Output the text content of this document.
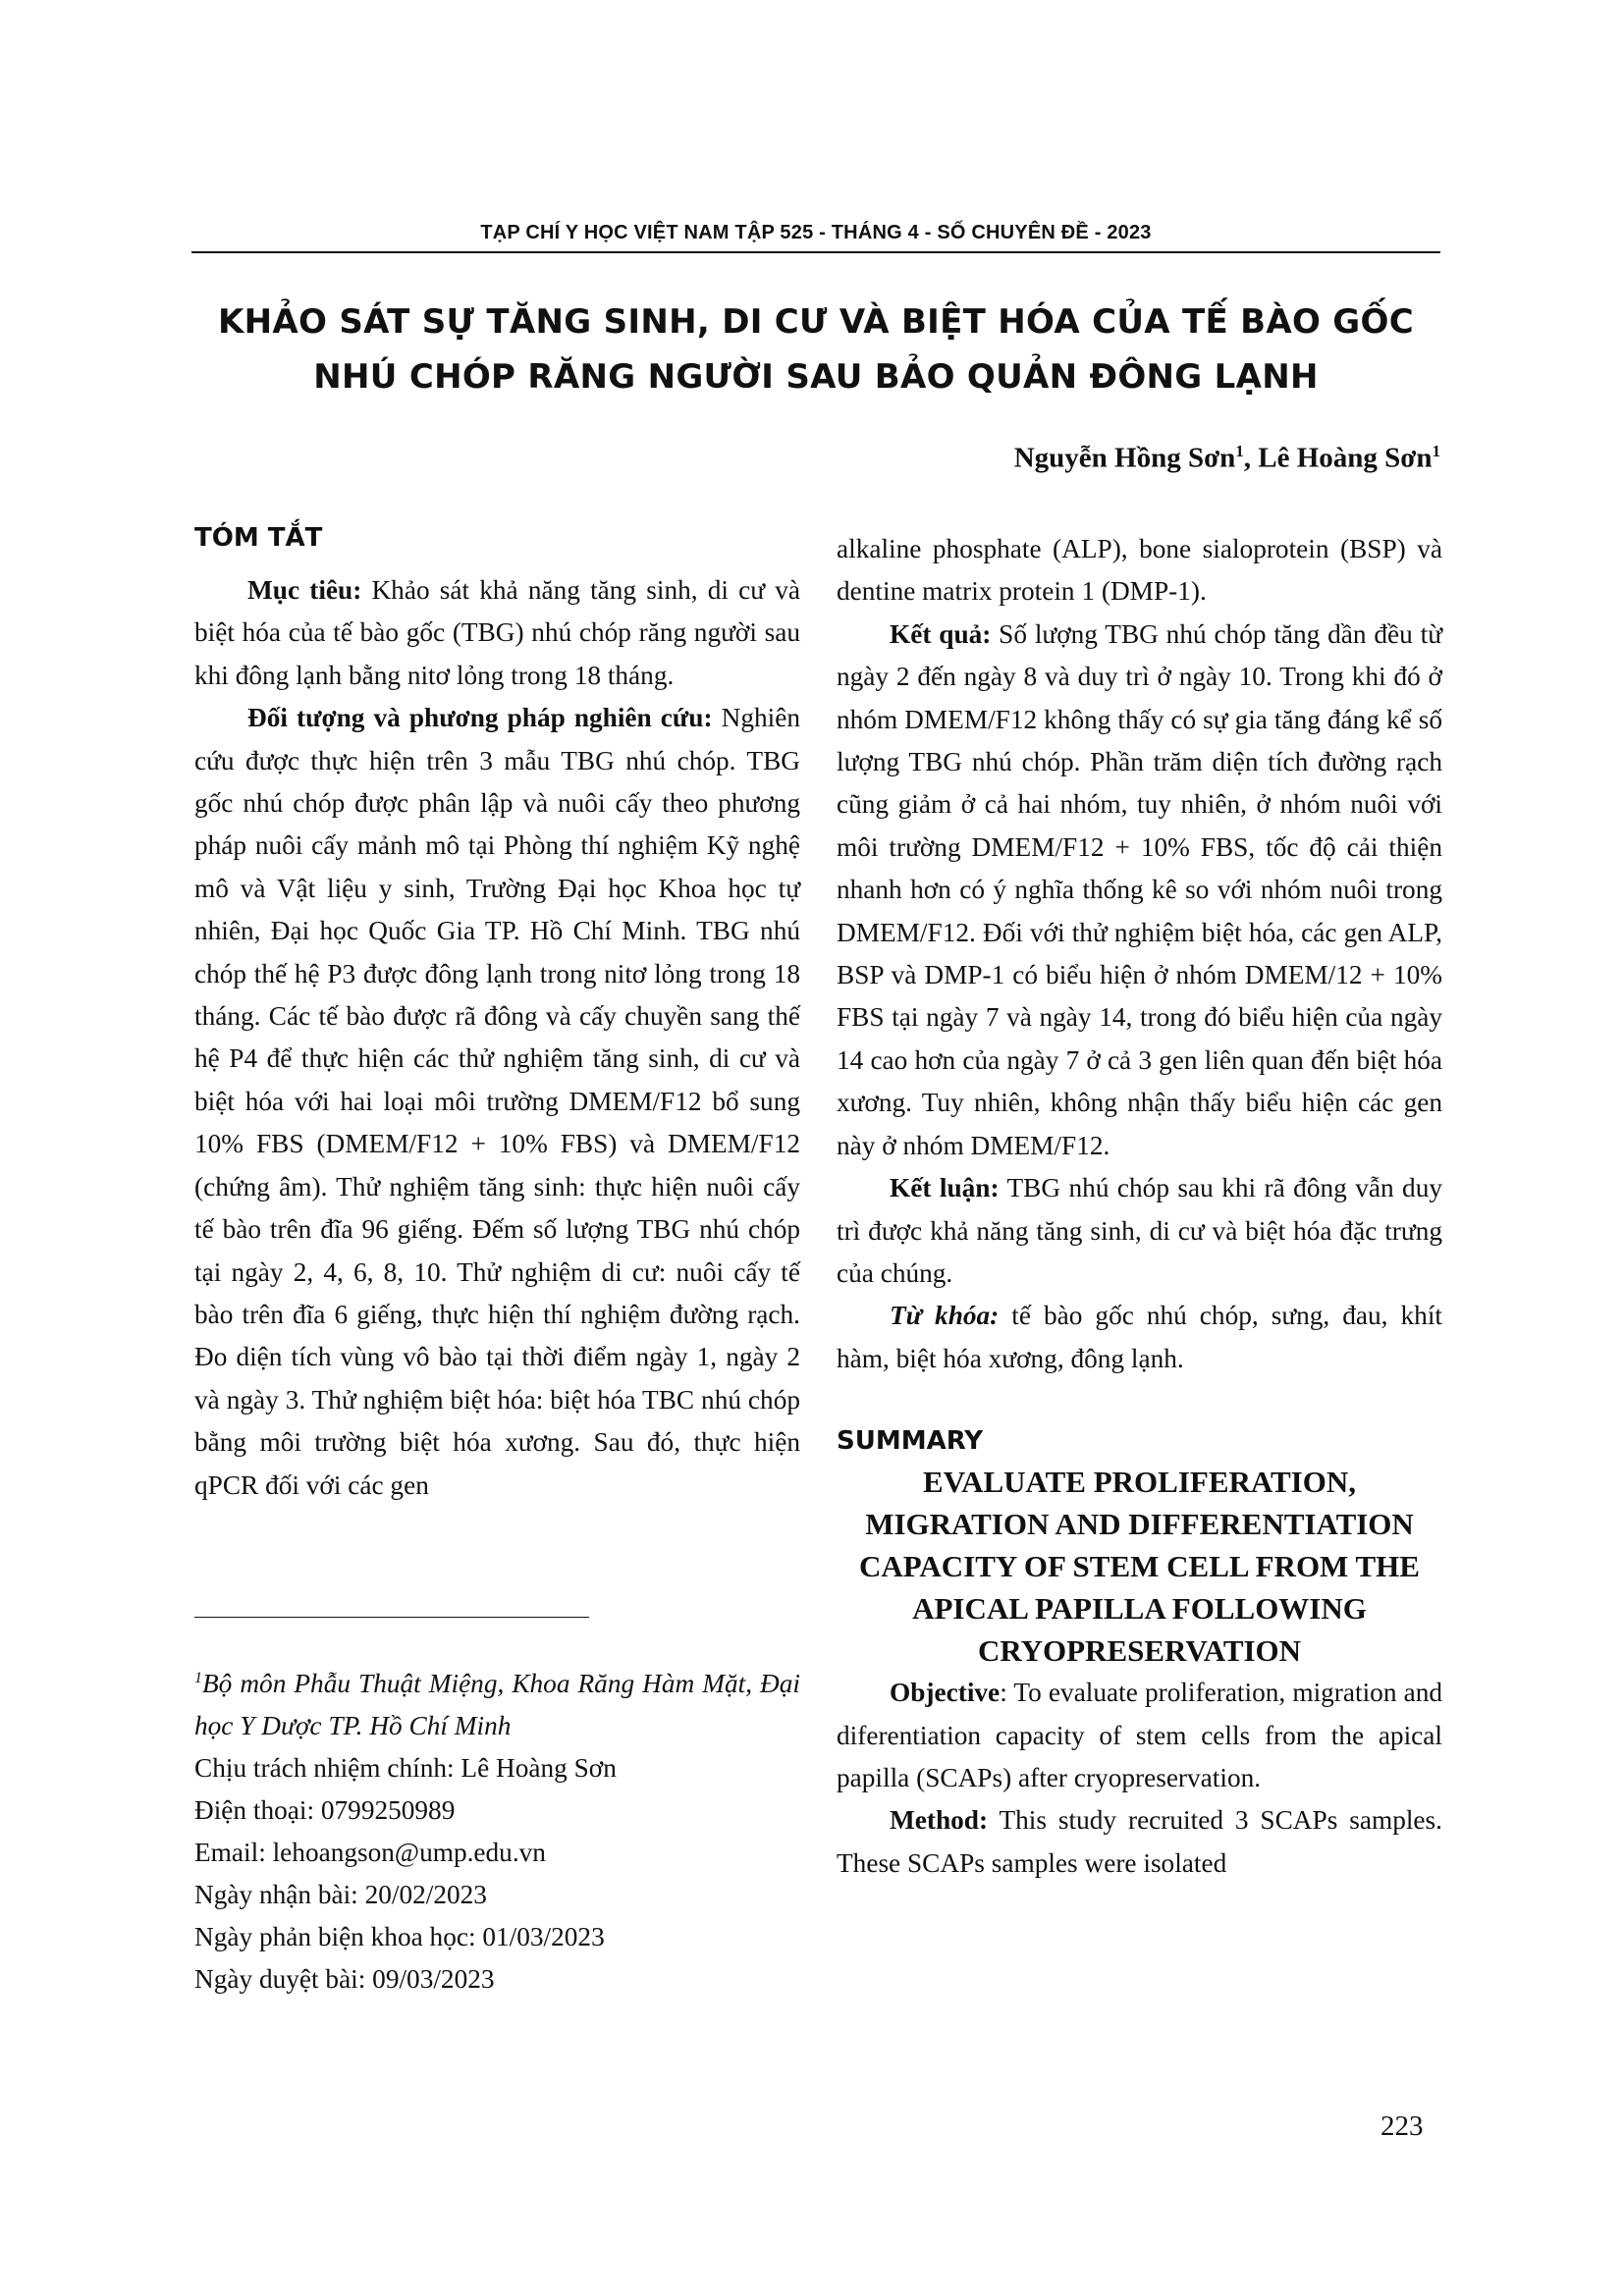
TẠP CHÍ Y HỌC VIỆT NAM TẬP 525 - THÁNG 4 - SỐ CHUYÊN ĐỀ - 2023
KHẢO SÁT SỰ TĂNG SINH, DI CƯ VÀ BIỆT HÓA CỦA TẾ BÀO GỐC
NHÚ CHÓP RĂNG NGƯỜI SAU BẢO QUẢN ĐÔNG LẠNH
Nguyễn Hồng Sơn$^1$, Lê Hoàng Sơn$^1$
TÓM TẮT

Mục tiêu: Khảo sát khả năng tăng sinh, di cư và biệt hóa của tế bào gốc (TBG) nhú chóp răng người sau khi đông lạnh bằng nitơ lỏng trong 18 tháng.

Đối tượng và phương pháp nghiên cứu: Nghiên cứu được thực hiện trên 3 mẫu TBG nhú chóp. TBG gốc nhú chóp được phân lập và nuôi cấy theo phương pháp nuôi cấy mảnh mô tại Phòng thí nghiệm Kỹ nghệ mô và Vật liệu y sinh, Trường Đại học Khoa học tự nhiên, Đại học Quốc Gia TP. Hồ Chí Minh. TBG nhú chóp thế hệ P3 được đông lạnh trong nitơ lỏng trong 18 tháng. Các tế bào được rã đông và cấy chuyền sang thế hệ P4 để thực hiện các thử nghiệm tăng sinh, di cư và biệt hóa với hai loại môi trường DMEM/F12 bổ sung 10% FBS (DMEM/F12 + 10% FBS) và DMEM/F12 (chứng âm). Thử nghiệm tăng sinh: thực hiện nuôi cấy tế bào trên đĩa 96 giếng. Đếm số lượng TBG nhú chóp tại ngày 2, 4, 6, 8, 10. Thử nghiệm di cư: nuôi cấy tế bào trên đĩa 6 giếng, thực hiện thí nghiệm đường rạch. Đo diện tích vùng vô bào tại thời điểm ngày 1, ngày 2 và ngày 3. Thử nghiệm biệt hóa: biệt hóa TBC nhú chóp bằng môi trường biệt hóa xương. Sau đó, thực hiện qPCR đối với các gen

$^1$Bộ môn Phẫu Thuật Miệng, Khoa Răng Hàm Mặt, Đại học Y Dược TP. Hồ Chí Minh
Chịu trách nhiệm chính: Lê Hoàng Sơn
Điện thoại: 0799250989
Email: lehoangson@ump.edu.vn
Ngày nhận bài: 20/02/2023
Ngày phản biện khoa học: 01/03/2023
Ngày duyệt bài: 09/03/2023

alkaline phosphate (ALP), bone sialoprotein (BSP) và dentine matrix protein 1 (DMP-1).

Kết quả: Số lượng TBG nhú chóp tăng dần đều từ ngày 2 đến ngày 8 và duy trì ở ngày 10. Trong khi đó ở nhóm DMEM/F12 không thấy có sự gia tăng đáng kể số lượng TBG nhú chóp. Phần trăm diện tích đường rạch cũng giảm ở cả hai nhóm, tuy nhiên, ở nhóm nuôi với môi trường DMEM/F12 + 10% FBS, tốc độ cải thiện nhanh hơn có ý nghĩa thống kê so với nhóm nuôi trong DMEM/F12. Đối với thử nghiệm biệt hóa, các gen ALP, BSP và DMP-1 có biểu hiện ở nhóm DMEM/12 + 10% FBS tại ngày 7 và ngày 14, trong đó biểu hiện của ngày 14 cao hơn của ngày 7 ở cả 3 gen liên quan đến biệt hóa xương. Tuy nhiên, không nhận thấy biểu hiện các gen này ở nhóm DMEM/F12.

Kết luận: TBG nhú chóp sau khi rã đông vẫn duy trì được khả năng tăng sinh, di cư và biệt hóa đặc trưng của chúng.

Từ khóa: tế bào gốc nhú chóp, sưng, đau, khít hàm, biệt hóa xương, đông lạnh.

SUMMARY
EVALUATE PROLIFERATION, MIGRATION AND DIFFERENTIATION CAPACITY OF STEM CELL FROM THE APICAL PAPILLA FOLLOWING CRYOPRESERVATION

Objective: To evaluate proliferation, migration and diferentiation capacity of stem cells from the apical papilla (SCAPs) after cryopreservation.

Method: This study recruited 3 SCAPs samples. These SCAPs samples were isolated

223
